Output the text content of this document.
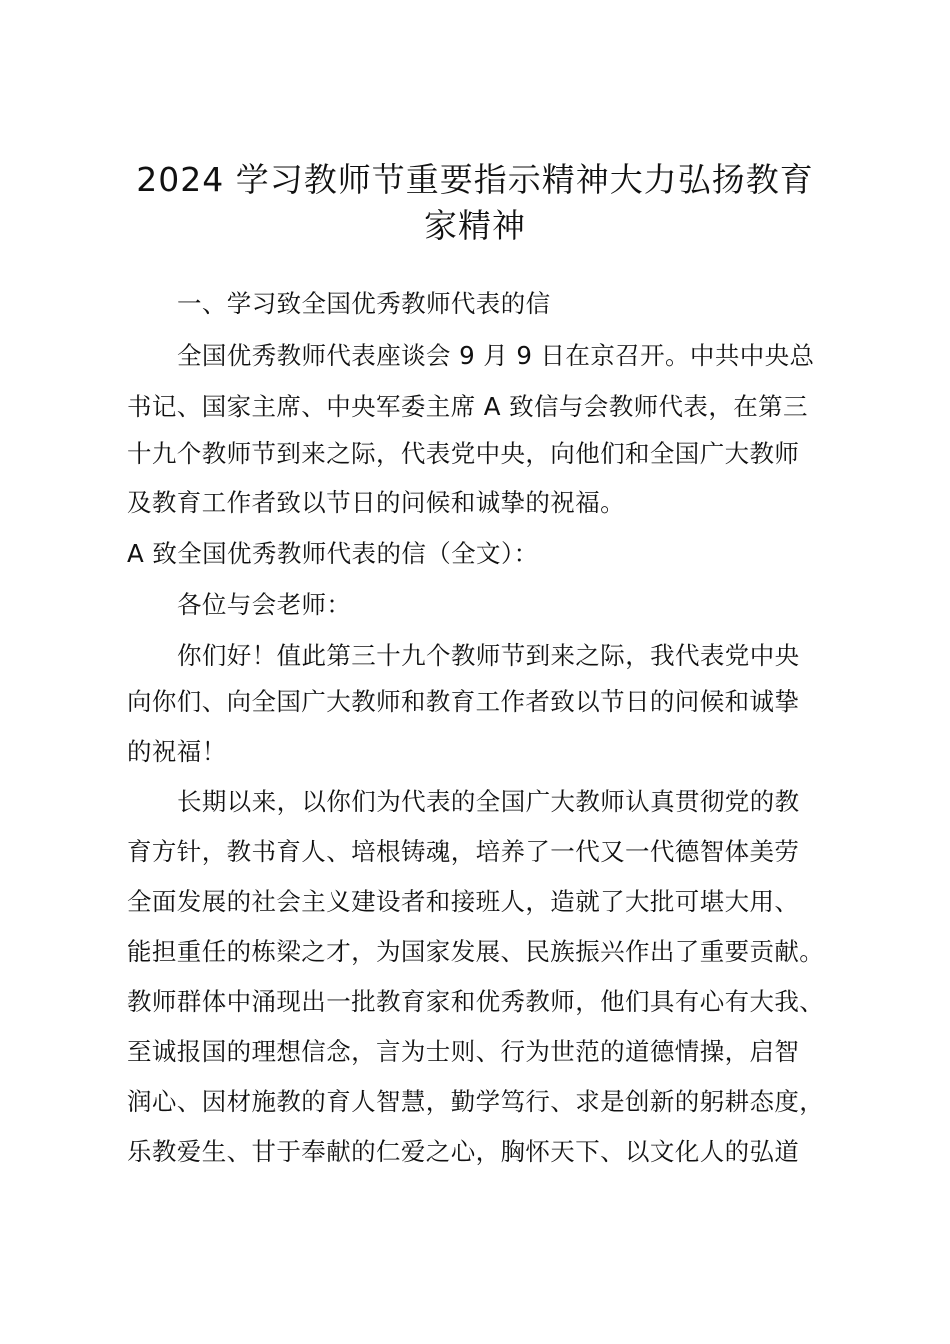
2024 学习教师节重要指示精神大力弘扬教育
家精神
一、学习致全国优秀教师代表的信
全国优秀教师代表座谈会 9 月 9 日在京召开。中共中央总
书记、国家主席、中央军委主席 A 致信与会教师代表，在第三
十九个教师节到来之际，代表党中央，向他们和全国广大教师
及教育工作者致以节日的问候和诚挚的祝福。
A 致全国优秀教师代表的信（全文）：
各位与会老师：
你们好！值此第三十九个教师节到来之际，我代表党中央
向你们、向全国广大教师和教育工作者致以节日的问候和诚挚
的祝福！
长期以来，以你们为代表的全国广大教师认真贯彻党的教
育方针，教书育人、培根铸魂，培养了一代又一代德智体美劳
全面发展的社会主义建设者和接班人，造就了大批可堪大用、
能担重任的栋梁之才，为国家发展、民族振兴作出了重要贡献。
教师群体中涌现出一批教育家和优秀教师，他们具有心有大我、
至诚报国的理想信念，言为士则、行为世范的道德情操，启智
润心、因材施教的育人智慧，勤学笃行、求是创新的躬耕态度，
乐教爱生、甘于奉献的仁爱之心，胸怀天下、以文化人的弘道
